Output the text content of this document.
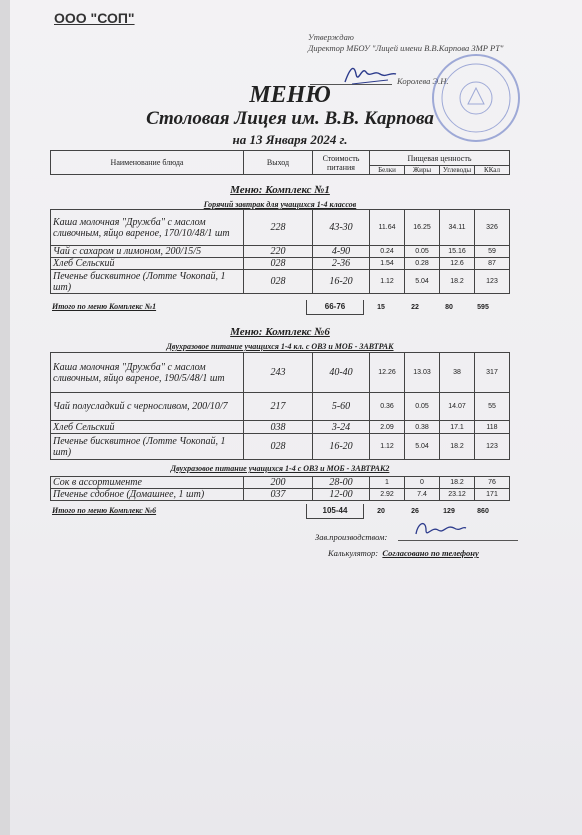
ООО "СОП"
Утверждаю
Директор МБОУ "Лицей имени В.В.Карпова ЗМР РТ"
Королева Э.Н.
МЕНЮ
Столовая Лицея им. В.В. Карпова
на 13 Января 2024 г.
Наименование блюда	Выход	Стоимость питания	Пищевая ценность			
			Белки	Жиры	Углеводы	ККал
Меню: Комплекс №1
Горячий завтрак для учащихся 1-4 классов
Каша молочная "Дружба" с маслом сливочным, яйцо вареное, 170/10/48/1 шт	228	43-30	11.64	16.25	34.11	326
Чай с сахаром и лимоном, 200/15/5	220	4-90	0.24	0.05	15.16	59
Хлеб Сельский	028	2-36	1.54	0.28	12.6	87
Печенье бисквитное (Лотте Чокопай, 1 шт)	028	16-20	1.12	5.04	18.2	123
Итого по меню Комплекс №1	66-76	15	22	80	595
Меню: Комплекс №6
Двухразовое питание учащихся 1-4 кл. с ОВЗ и МОБ - ЗАВТРАК
Каша молочная "Дружба" с маслом сливочным, яйцо вареное, 190/5/48/1 шт	243	40-40	12.26	13.03	38	317
Чай полусладкий с черносливом, 200/10/7	217	5-60	0.36	0.05	14.07	55
Хлеб Сельский	038	3-24	2.09	0.38	17.1	118
Печенье бисквитное (Лотте Чокопай, 1 шт)	028	16-20	1.12	5.04	18.2	123
Двухразовое питание учащихся 1-4 с ОВЗ и МОБ - ЗАВТРАК2
Сок в ассортименте	200	28-00	1	0	18.2	76
Печенье сдобное (Домашнее, 1 шт)	037	12-00	2.92	7.4	23.12	171
Итого по меню Комплекс №6	105-44	20	26	129	860
Зав.производством:
Калькулятор: Согласовано по телефону
